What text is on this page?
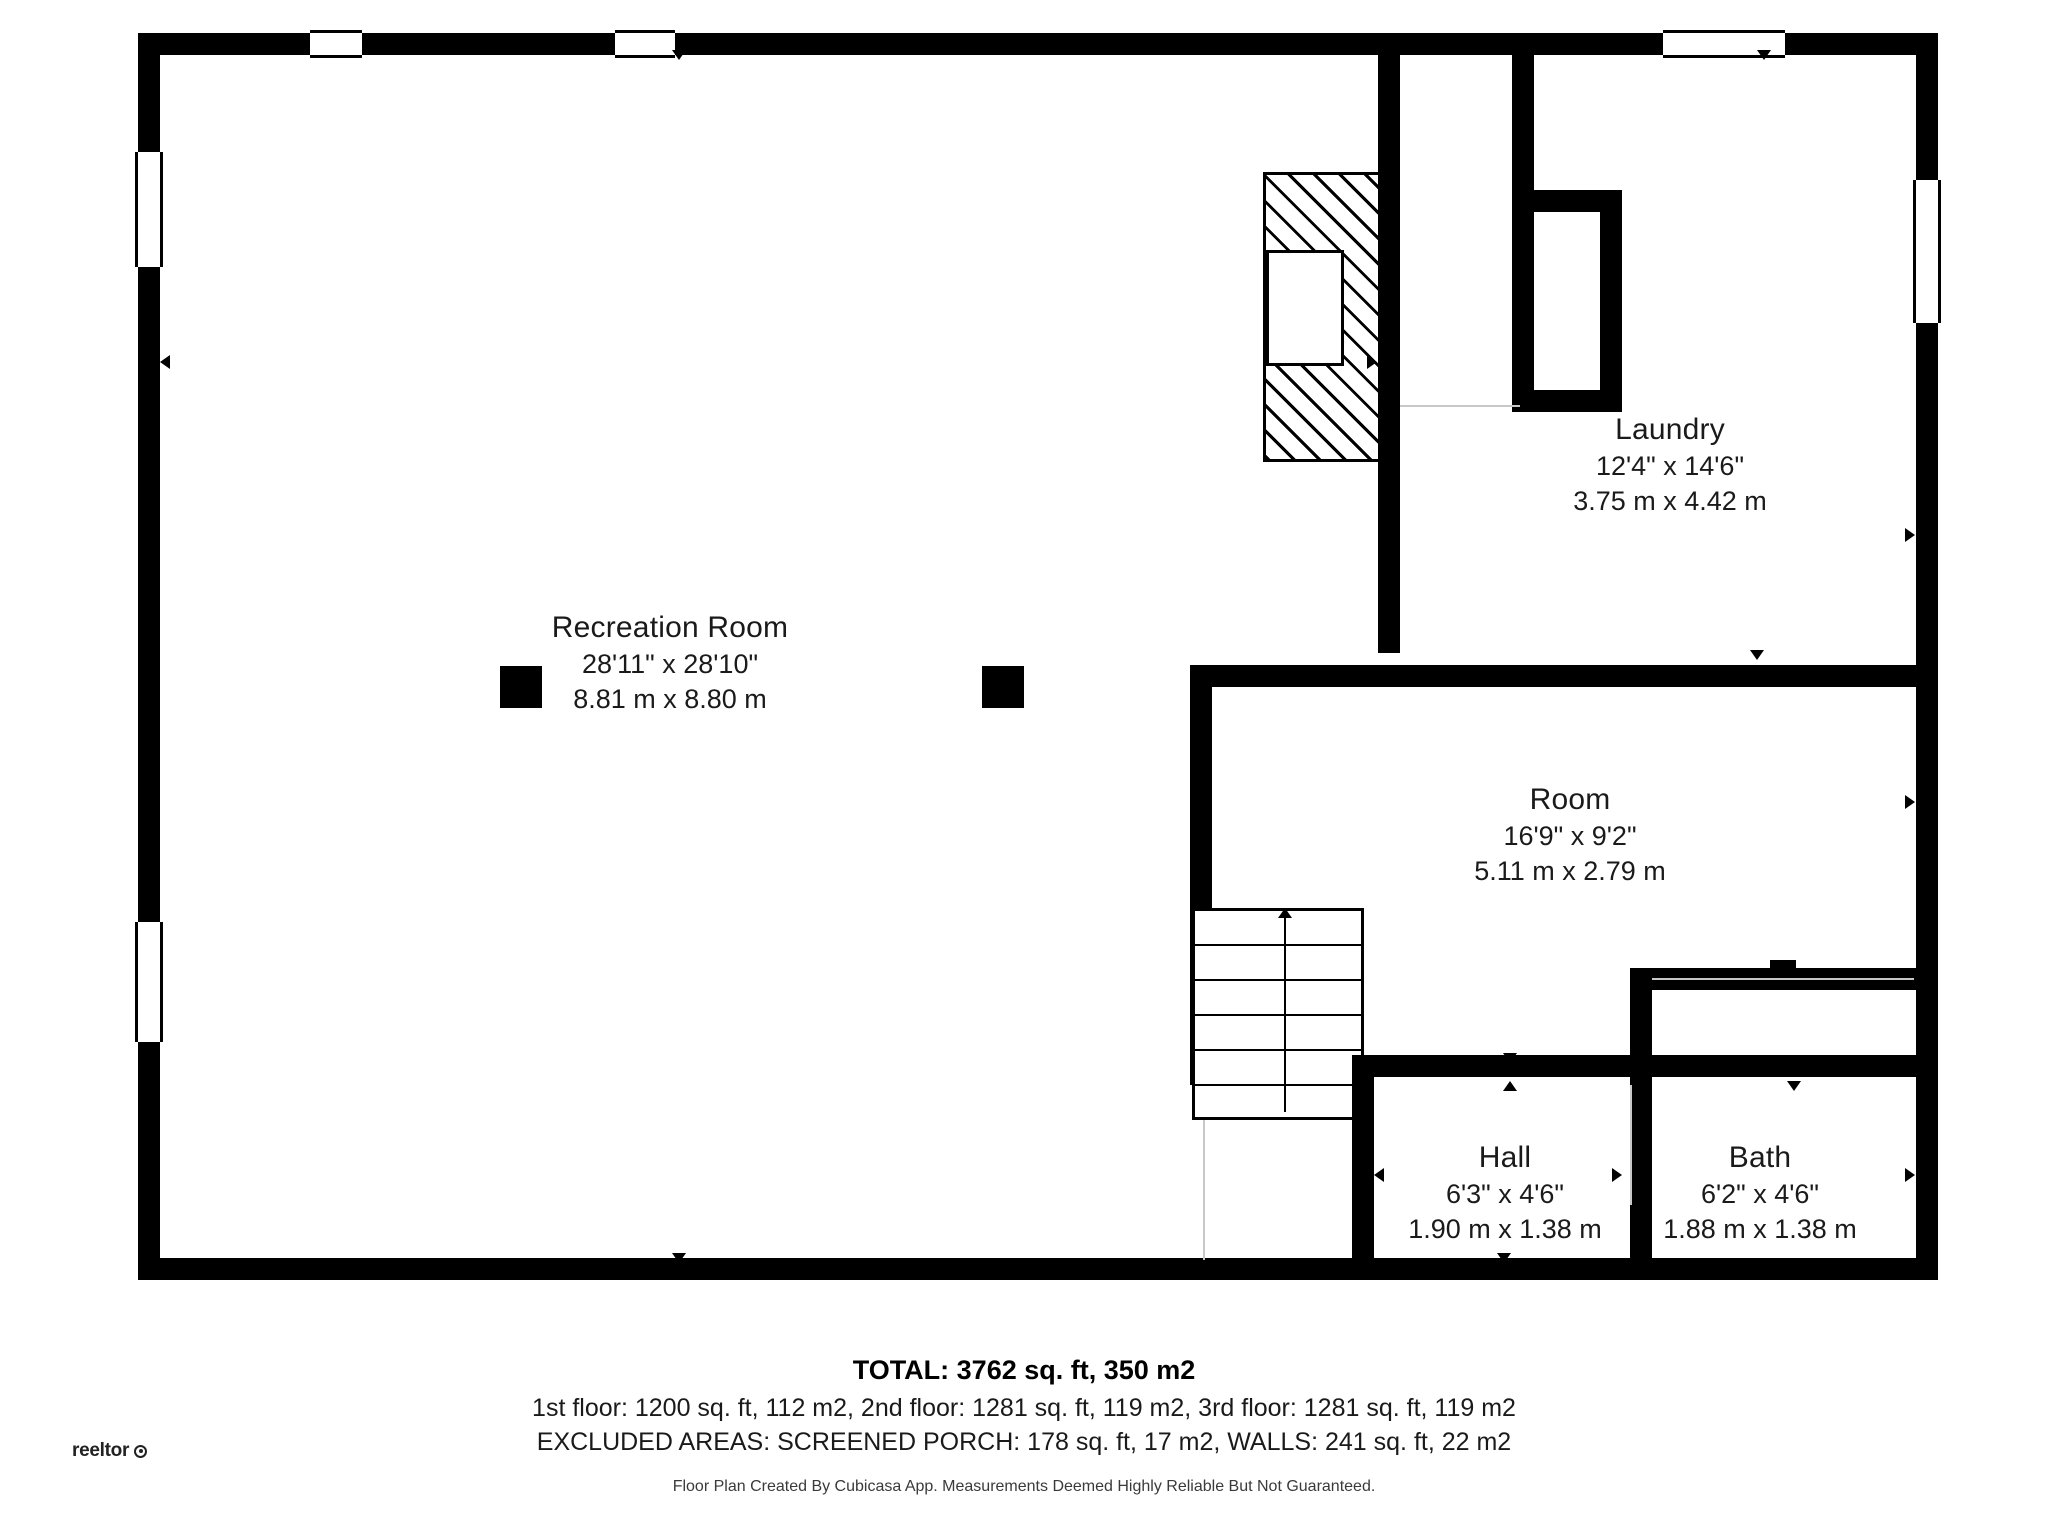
Recreation Room
28'11" x 28'10"
8.81 m x 8.80 m
Laundry
12'4" x 14'6"
3.75 m x 4.42 m
Room
16'9" x 9'2"
5.11 m x 2.79 m
Hall
6'3" x 4'6"
1.90 m x 1.38 m
Bath
6'2" x 4'6"
1.88 m x 1.38 m
TOTAL: 3762 sq. ft, 350 m2
1st floor: 1200 sq. ft, 112 m2, 2nd floor: 1281 sq. ft, 119 m2, 3rd floor: 1281 sq. ft, 119 m2
EXCLUDED AREAS: SCREENED PORCH: 178 sq. ft, 17 m2, WALLS: 241 sq. ft, 22 m2
Floor Plan Created By Cubicasa App. Measurements Deemed Highly Reliable But Not Guaranteed.
reeltor
